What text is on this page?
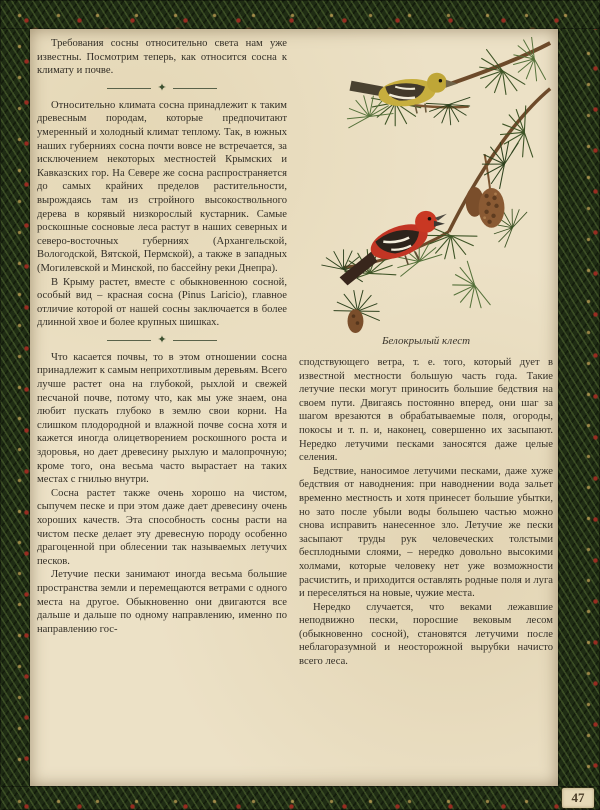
Требования сосны относительно света нам уже известны. Посмотрим теперь, как относится сосна к климату и почве.

✦

Относительно климата сосна принадлежит к таким древесным породам, которые предпочитают умеренный и холодный климат теплому. Так, в южных наших губерниях сосна почти вовсе не встречается, за исключением некоторых местностей Крымских и Кавказских гор. На Севере же сосна распространяется до самых крайних пределов растительности, вырождаясь там из стройного высокоствольного дерева в корявый низкорослый кустарник. Самые роскошные сосновые леса растут в наших северных и северо-восточных губерниях (Архангельской, Вологодской, Вятской, Пермской), а также в западных (Могилевской и Минской, по бассейну реки Днепра).

В Крыму растет, вместе с обыкновенною сосной, особый вид – красная сосна (Pinus Laricio), главное отличие которой от нашей сосны заключается в более длинной хвое и более крупных шишках.

✦

Что касается почвы, то в этом отношении сосна принадлежит к самым неприхотливым деревьям. Всего лучше растет она на глубокой, рыхлой и свежей песчаной почве, потому что, как мы уже знаем, она любит пускать глубоко в землю свои корни. На слишком плодородной и влажной почве сосна хотя и кажется иногда олицетворением роскошного роста и здоровья, но дает древесину рыхлую и малопрочную; кроме того, она весьма часто вырастает на таких местах с гнилью внутри.

Сосна растет также очень хорошо на чистом, сыпучем песке и при этом даже дает древесину очень хороших качеств. Эта способность сосны расти на чистом песке делает эту древесную породу особенно драгоценной при облесении так называемых летучих песков.

Летучие пески занимают иногда весьма большие пространства земли и перемещаются ветрами с одного места на другое. Обыкновенно они двигаются все дальше и дальше по одному направлению, именно по направлению гос-

Белокрылый клест

сподствующего ветра, т. е. того, который дует в известной местности большую часть года. Такие летучие пески могут приносить большие бедствия на своем пути. Двигаясь постоянно вперед, они шаг за шагом врезаются в обрабатываемые поля, огороды, покосы и т. п. и, наконец, совершенно их засыпают. Нередко летучими песками заносятся даже целые селения.

Бедствие, наносимое летучими песками, даже хуже бедствия от наводнения: при наводнении вода зальет временно местность и хотя принесет большие убытки, но зато после убыли воды большею частью можно снова исправить нанесенное зло. Летучие же пески засыпают труды рук человеческих толстыми бесплодными слоями, – нередко довольно высокими холмами, которые человеку нет уже возможности расчистить, и приходится оставлять родные поля и луга и переселяться на новые, чужие места.

Нередко случается, что веками лежавшие неподвижно пески, поросшие вековым лесом (обыкновенно сосной), становятся летучими после неблагоразумной и неосторожной вырубки начисто всего леса.

47
